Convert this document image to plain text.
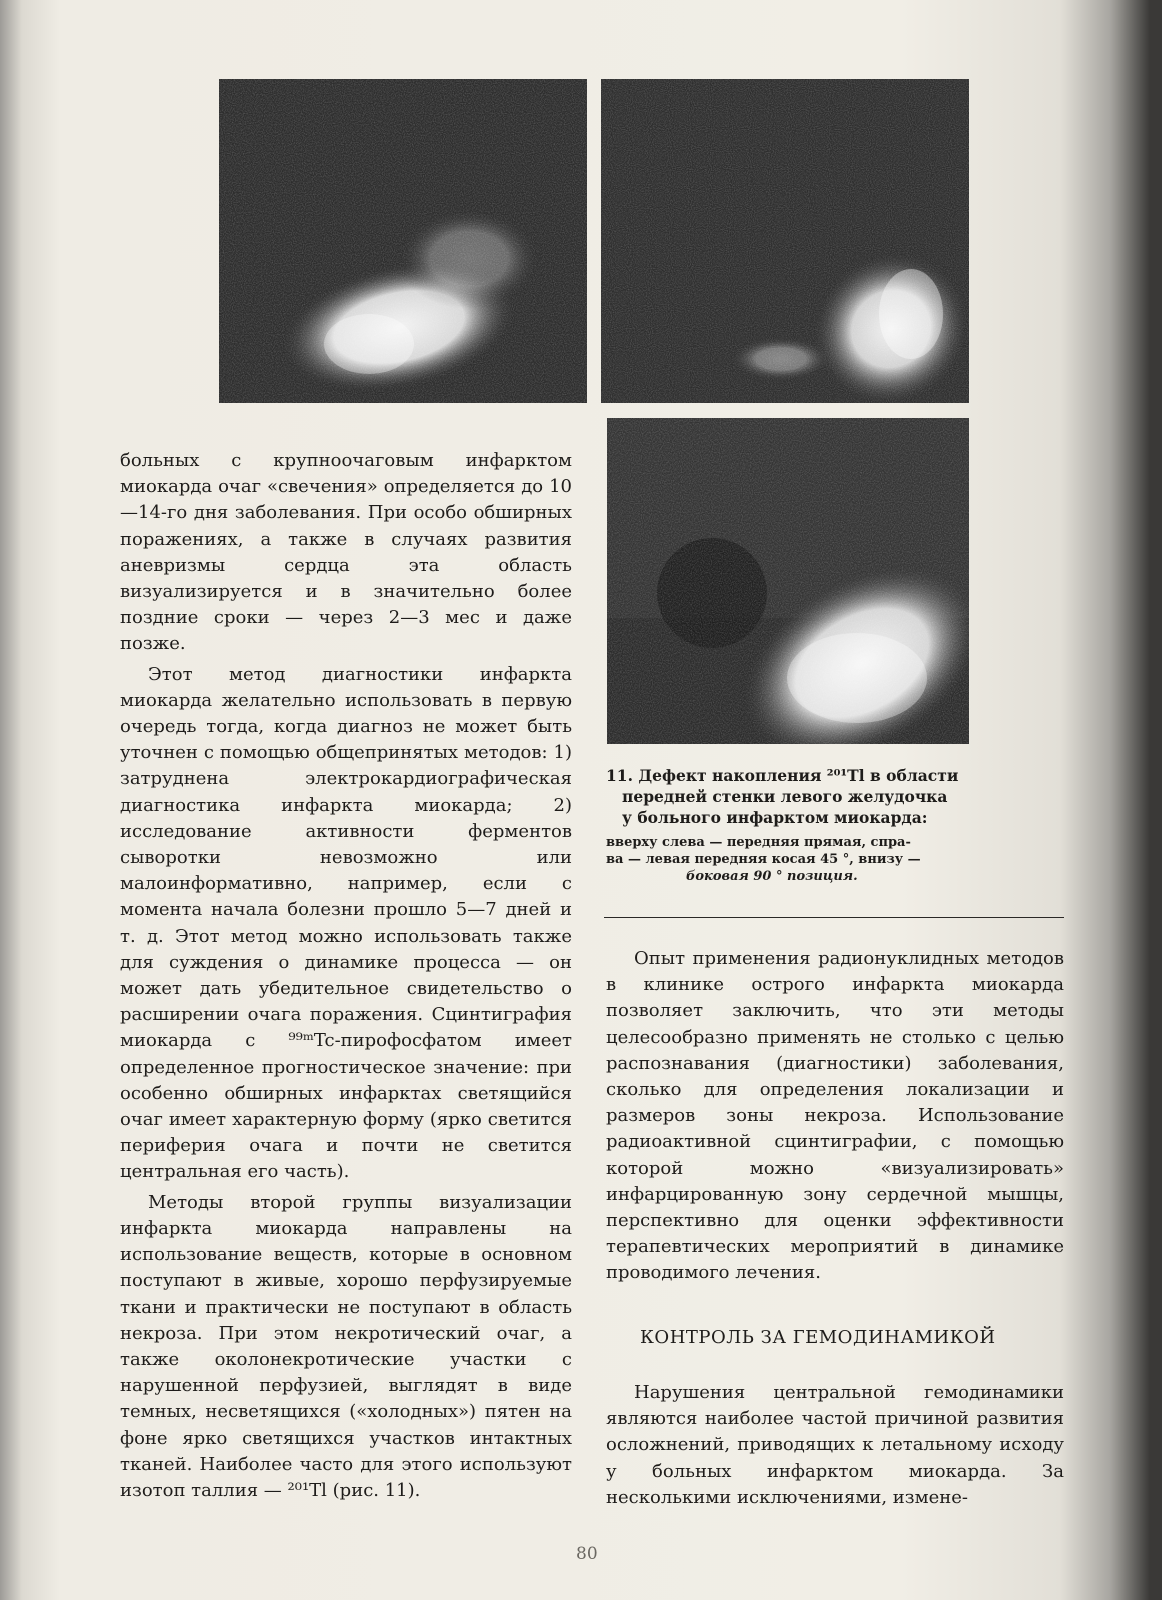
11. Дефект накопления ²⁰¹Tl в области
передней стенки левого желудочка
у больного инфарктом миокарда:
вверху слева — передняя прямая, спра-
ва — левая передняя косая 45 °, внизу —
боковая 90 ° позиция.

больных с крупноочаговым инфарктом миокарда очаг «свечения» определяется до 10—14-го дня заболевания. При особо обширных поражениях, а также в случаях развития аневризмы сердца эта область визуализируется и в значительно более поздние сроки — через 2—3 мес и даже позже.

Этот метод диагностики инфаркта миокарда желательно использовать в первую очередь тогда, когда диагноз не может быть уточнен с помощью общепринятых методов: 1) затруднена электрокардиографическая диагностика инфаркта миокарда; 2) исследование активности ферментов сыворотки невозможно или малоинформативно, например, если с момента начала болезни прошло 5—7 дней и т. д. Этот метод можно использовать также для суждения о динамике процесса — он может дать убедительное свидетельство о расширении очага поражения. Сцинтиграфия миокарда с ⁹⁹ᵐTc-пирофосфатом имеет определенное прогностическое значение: при особенно обширных инфарктах светящийся очаг имеет характерную форму (ярко светится периферия очага и почти не светится центральная его часть).

Методы второй группы визуализации инфаркта миокарда направлены на использование веществ, которые в основном поступают в живые, хорошо перфузируемые ткани и практически не поступают в область некроза. При этом некротический очаг, а также околонекротические участки с нарушенной перфузией, выглядят в виде темных, несветящихся («холодных») пятен на фоне ярко светящихся участков интактных тканей. Наиболее часто для этого используют изотоп таллия — ²⁰¹Tl (рис. 11).

Опыт применения радионуклидных методов в клинике острого инфаркта миокарда позволяет заключить, что эти методы целесообразно применять не столько с целью распознавания (диагностики) заболевания, сколько для определения локализации и размеров зоны некроза. Использование радиоактивной сцинтиграфии, с помощью которой можно «визуализировать» инфарцированную зону сердечной мышцы, перспективно для оценки эффективности терапевтических мероприятий в динамике проводимого лечения.

КОНТРОЛЬ ЗА ГЕМОДИНАМИКОЙ

Нарушения центральной гемодинамики являются наиболее частой причиной развития осложнений, приводящих к летальному исходу у больных инфарктом миокарда. За несколькими исключениями, измене-

80
